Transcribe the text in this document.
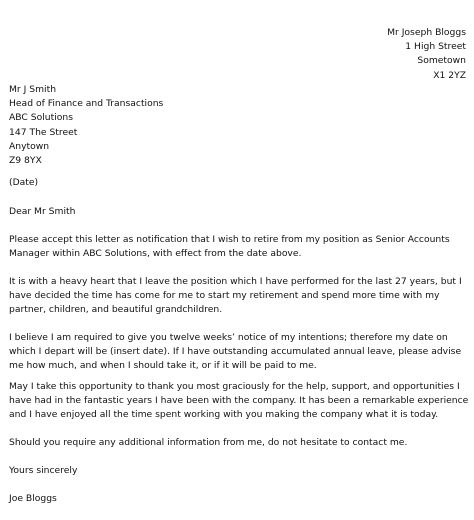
Mr Joseph Bloggs
1 High Street
Sometown
X1 2YZ
Mr J Smith
Head of Finance and Transactions
ABC Solutions
147 The Street
Anytown
Z9 8YX
(Date)
Dear Mr Smith
Please accept this letter as notification that I wish to retire from my position as Senior Accounts
Manager within ABC Solutions, with effect from the date above.
It is with a heavy heart that I leave the position which I have performed for the last 27 years, but I
have decided the time has come for me to start my retirement and spend more time with my
partner, children, and beautiful grandchildren.
I believe I am required to give you twelve weeks’ notice of my intentions; therefore my date on
which I depart will be (insert date). If I have outstanding accumulated annual leave, please advise
me how much, and when I should take it, or if it will be paid to me.
May I take this opportunity to thank you most graciously for the help, support, and opportunities I
have had in the fantastic years I have been with the company. It has been a remarkable experience
and I have enjoyed all the time spent working with you making the company what it is today.
Should you require any additional information from me, do not hesitate to contact me.
Yours sincerely
Joe Bloggs
